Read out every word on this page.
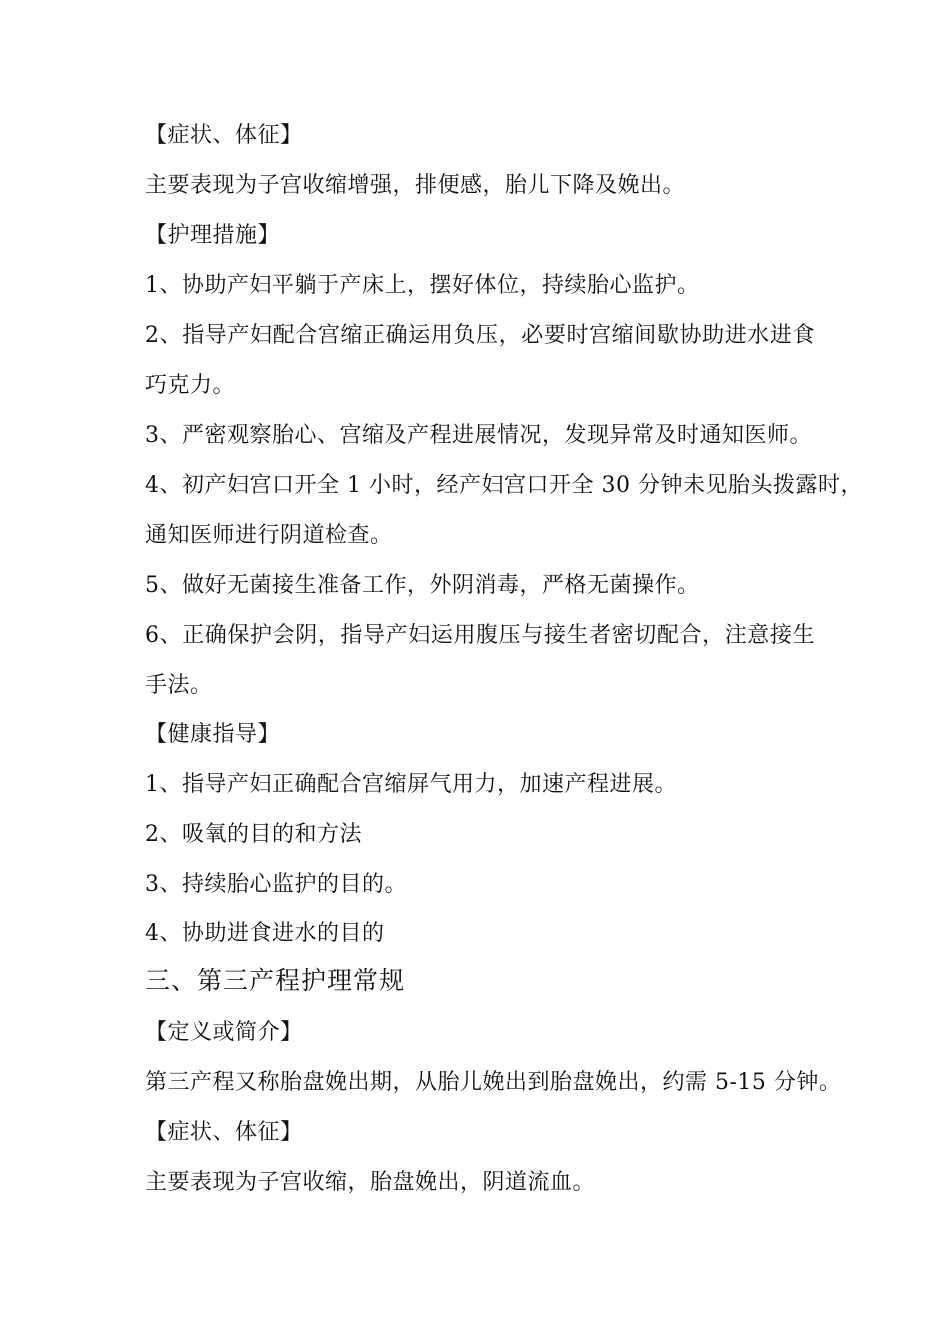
【症状、体征】
主要表现为子宫收缩增强，排便感，胎儿下降及娩出。
【护理措施】
1、协助产妇平躺于产床上，摆好体位，持续胎心监护。
2、指导产妇配合宫缩正确运用负压，必要时宫缩间歇协助进水进食
巧克力。
3、严密观察胎心、宫缩及产程进展情况，发现异常及时通知医师。
4、初产妇宫口开全 1 小时，经产妇宫口开全 30 分钟未见胎头拨露时，
通知医师进行阴道检查。
5、做好无菌接生准备工作，外阴消毒，严格无菌操作。
6、正确保护会阴，指导产妇运用腹压与接生者密切配合，注意接生
手法。
【健康指导】
1、指导产妇正确配合宫缩屏气用力，加速产程进展。
2、吸氧的目的和方法
3、持续胎心监护的目的。
4、协助进食进水的目的
三、第三产程护理常规
【定义或简介】
第三产程又称胎盘娩出期，从胎儿娩出到胎盘娩出，约需 5-15 分钟。
【症状、体征】
主要表现为子宫收缩，胎盘娩出，阴道流血。
